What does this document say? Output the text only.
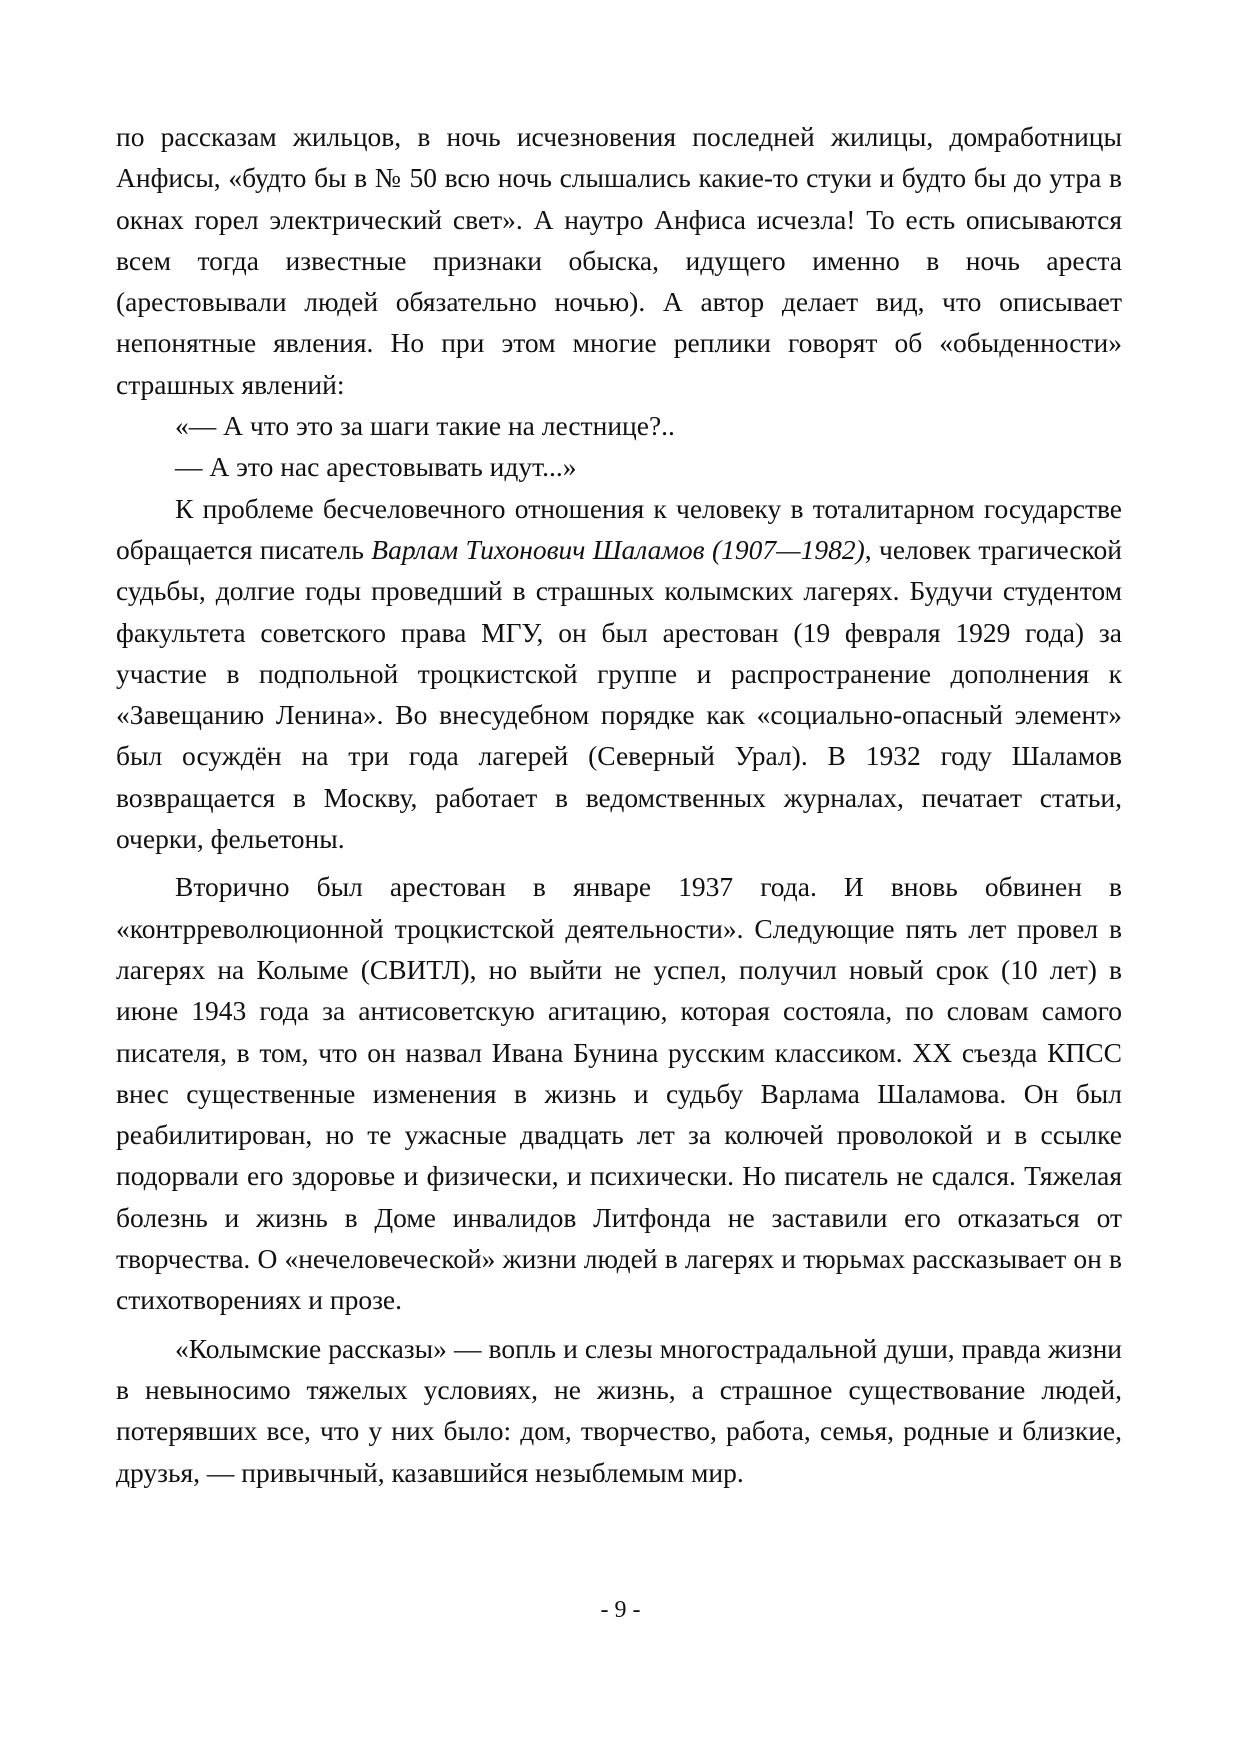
по рассказам жильцов, в ночь исчезновения последней жилицы, домработницы Анфисы, «будто бы в № 50 всю ночь слышались какие-то стуки и будто бы до утра в окнах горел электрический свет». А наутро Анфиса исчезла! То есть описываются всем тогда известные признаки обыска, идущего именно в ночь ареста (арестовывали людей обязательно ночью). А автор делает вид, что описывает непонятные явления. Но при этом многие реплики говорят об «обыденности» страшных явлений:

«— А что это за шаги такие на лестнице?..

— А это нас арестовывать идут...»

К проблеме бесчеловечного отношения к человеку в тоталитарном государстве обращается писатель Варлам Тихонович Шаламов (1907—1982), человек трагической судьбы, долгие годы проведший в страшных колымских лагерях. Будучи студентом факультета советского права МГУ, он был арестован (19 февраля 1929 года) за участие в подпольной троцкистской группе и распространение дополнения к «Завещанию Ленина». Во внесудебном порядке как «социально-опасный элемент» был осуждён на три года лагерей (Северный Урал). В 1932 году Шаламов возвращается в Москву, работает в ведомственных журналах, печатает статьи, очерки, фельетоны.

Вторично был арестован в январе 1937 года. И вновь обвинен в «контрреволюционной троцкистской деятельности». Следующие пять лет провел в лагерях на Колыме (СВИТЛ), но выйти не успел, получил новый срок (10 лет) в июне 1943 года за антисоветскую агитацию, которая состояла, по словам самого писателя, в том, что он назвал Ивана Бунина русским классиком. XX съезда КПСС внес существенные изменения в жизнь и судьбу Варлама Шаламова. Он был реабилитирован, но те ужасные двадцать лет за колючей проволокой и в ссылке подорвали его здоровье и физически, и психически. Но писатель не сдался. Тяжелая болезнь и жизнь в Доме инвалидов Литфонда не заставили его отказаться от творчества. О «нечеловеческой» жизни людей в лагерях и тюрьмах рассказывает он в стихотворениях и прозе.

«Колымские рассказы» — вопль и слезы многострадальной души, правда жизни в невыносимо тяжелых условиях, не жизнь, а страшное существование людей, потерявших все, что у них было: дом, творчество, работа, семья, родные и близкие, друзья, — привычный, казавшийся незыблемым мир.

- 9 -
